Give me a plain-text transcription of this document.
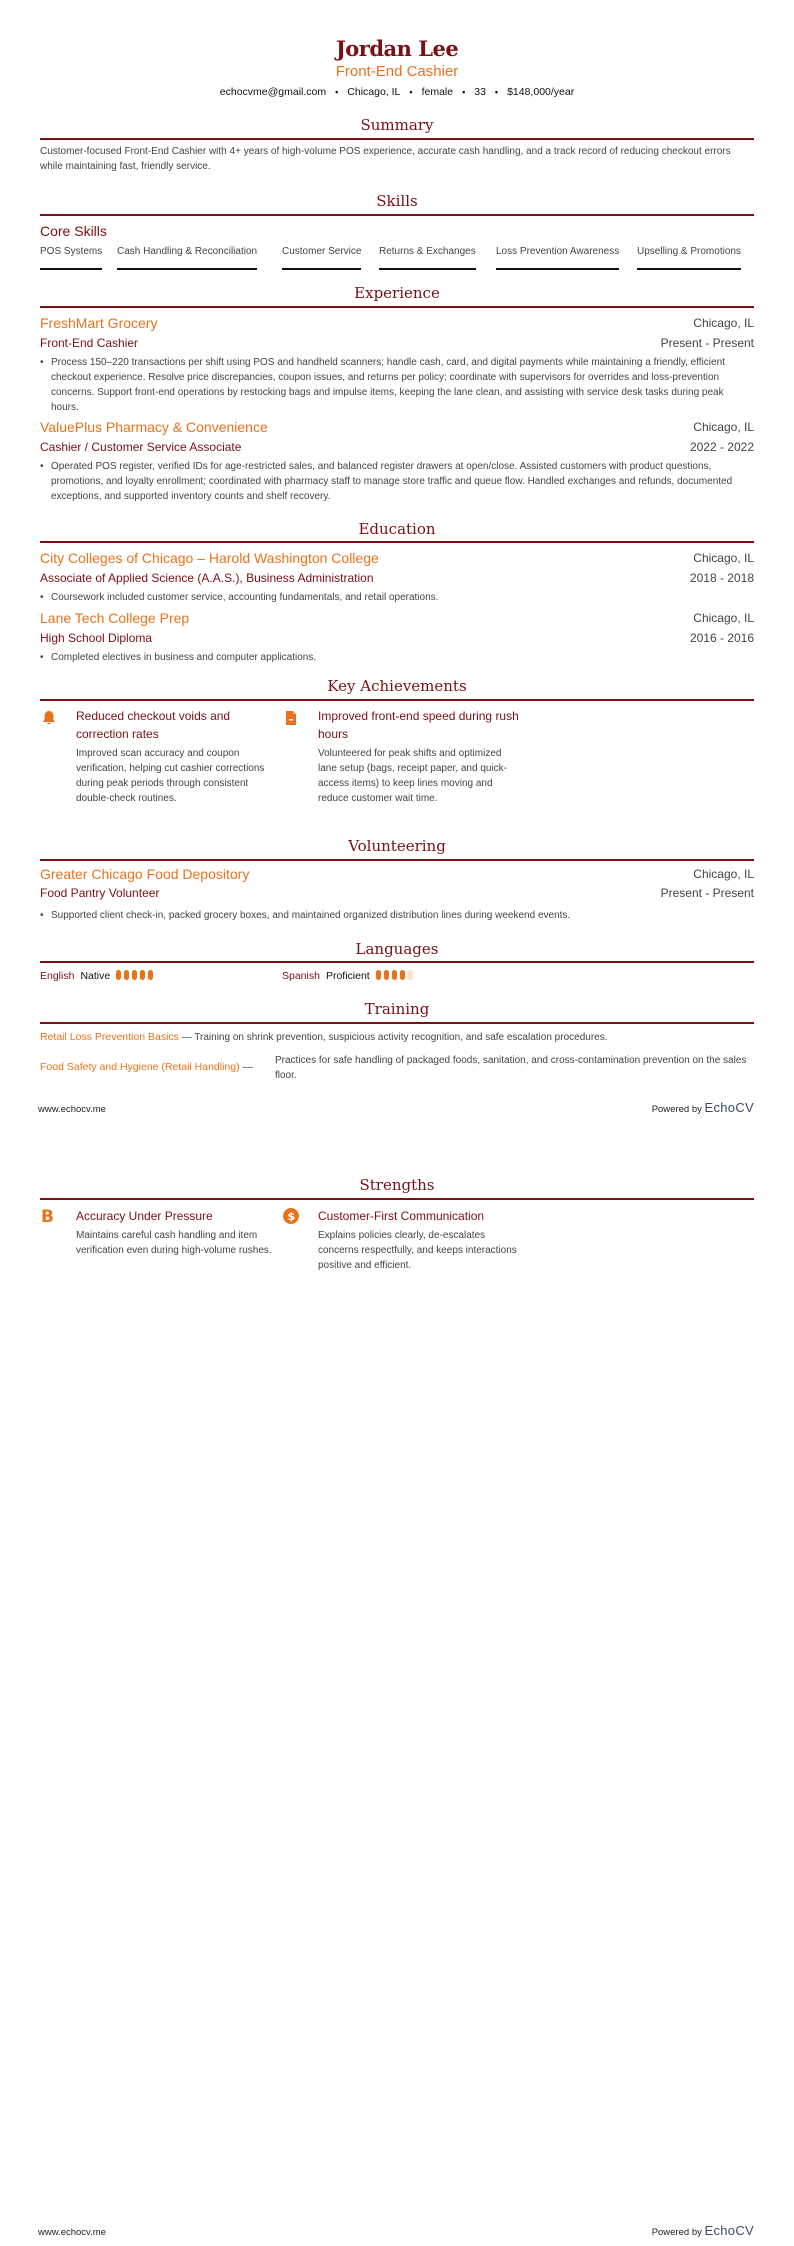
Jordan Lee
Front-End Cashier
echocvme@gmail.com • Chicago, IL • female • 33 • $148,000/year
Summary
Customer-focused Front-End Cashier with 4+ years of high-volume POS experience, accurate cash handling, and a track record of reducing checkout errors while maintaining fast, friendly service.
Skills
Core Skills
POS Systems Cash Handling & Reconciliation Customer Service Returns & Exchanges Loss Prevention Awareness Upselling & Promotions
Experience
FreshMart Grocery	Chicago, IL
Front-End Cashier	Present - Present
• Process 150–220 transactions per shift using POS and handheld scanners; handle cash, card, and digital payments while maintaining a friendly, efficient checkout experience. Resolve price discrepancies, coupon issues, and returns per policy; coordinate with supervisors for overrides and loss-prevention concerns. Support front-end operations by restocking bags and impulse items, keeping the lane clean, and assisting with service desk tasks during peak hours.
ValuePlus Pharmacy & Convenience	Chicago, IL
Cashier / Customer Service Associate	2022 - 2022
• Operated POS register, verified IDs for age-restricted sales, and balanced register drawers at open/close. Assisted customers with product questions, promotions, and loyalty enrollment; coordinated with pharmacy staff to manage store traffic and queue flow. Handled exchanges and refunds, documented exceptions, and supported inventory counts and shelf recovery.
Education
City Colleges of Chicago – Harold Washington College	Chicago, IL
Associate of Applied Science (A.A.S.), Business Administration	2018 - 2018
• Coursework included customer service, accounting fundamentals, and retail operations.
Lane Tech College Prep	Chicago, IL
High School Diploma	2016 - 2016
• Completed electives in business and computer applications.
Key Achievements
Reduced checkout voids and correction rates
Improved scan accuracy and coupon verification, helping cut cashier corrections during peak periods through consistent double-check routines.
Improved front-end speed during rush hours
Volunteered for peak shifts and optimized lane setup (bags, receipt paper, and quick-access items) to keep lines moving and reduce customer wait time.
Volunteering
Greater Chicago Food Depository	Chicago, IL
Food Pantry Volunteer	Present - Present
• Supported client check-in, packed grocery boxes, and maintained organized distribution lines during weekend events.
Languages
English Native	Spanish Proficient
Training
Retail Loss Prevention Basics — Training on shrink prevention, suspicious activity recognition, and safe escalation procedures.
Food Safety and Hygiene (Retail Handling) —
Practices for safe handling of packaged foods, sanitation, and cross-contamination prevention on the sales floor.
www.echocv.me	Powered by EchoCV
Strengths
B Accuracy Under Pressure
Maintains careful cash handling and item verification even during high-volume rushes.
$ Customer-First Communication
Explains policies clearly, de-escalates concerns respectfully, and keeps interactions positive and efficient.
www.echocv.me	Powered by EchoCV
